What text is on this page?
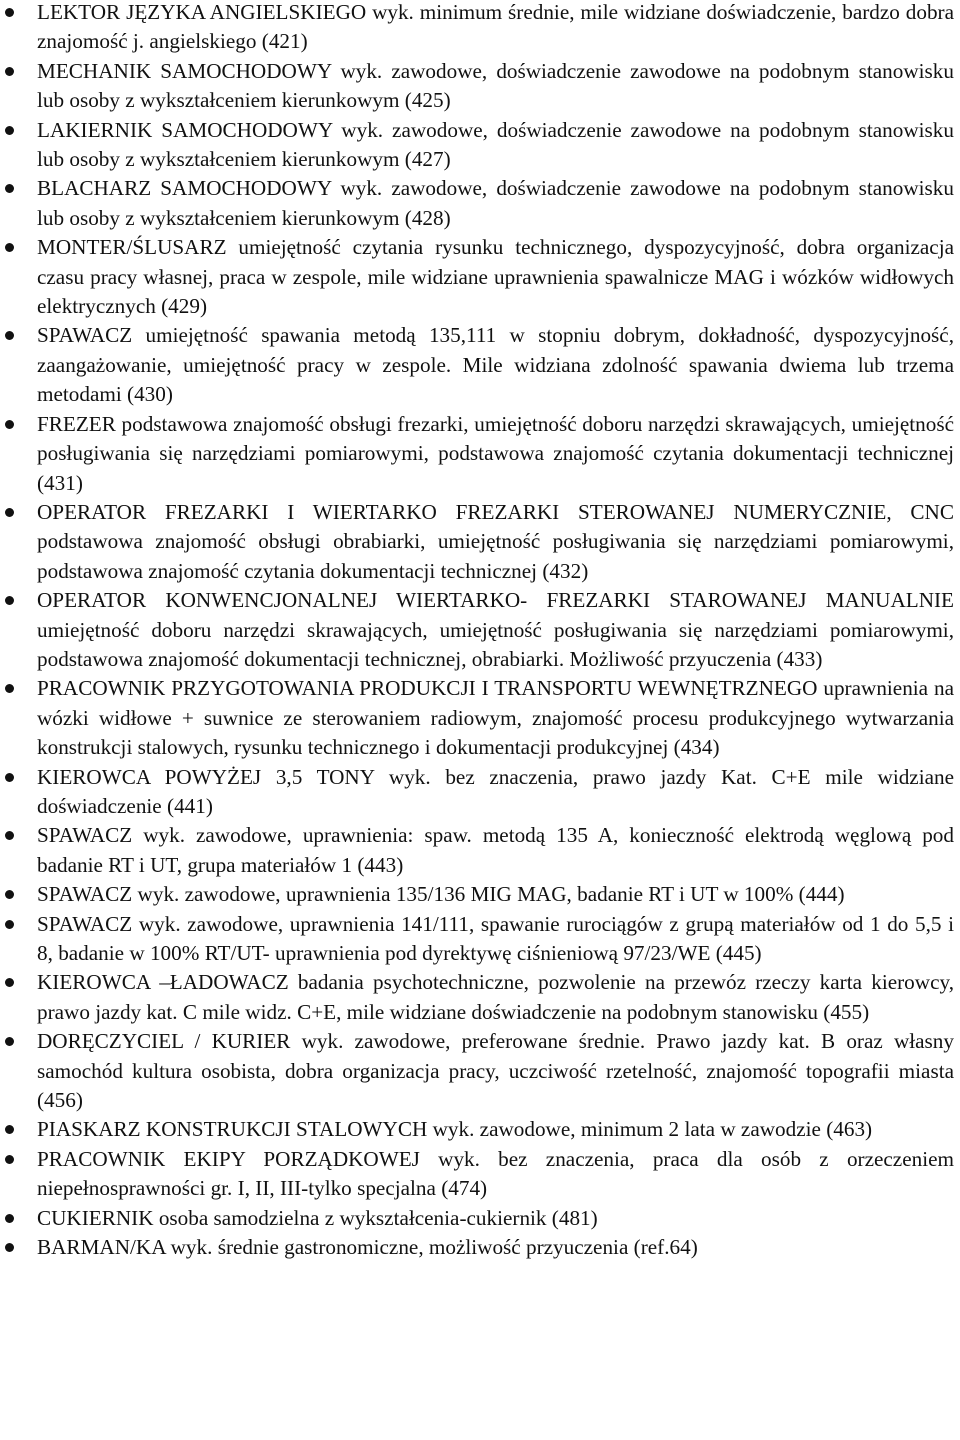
LEKTOR JĘZYKA ANGIELSKIEGO wyk. minimum średnie, mile widziane doświadczenie, bardzo dobra znajomość j. angielskiego (421)
MECHANIK SAMOCHODOWY wyk. zawodowe, doświadczenie zawodowe na podobnym stanowisku lub osoby z wykształceniem kierunkowym (425)
LAKIERNIK SAMOCHODOWY wyk. zawodowe, doświadczenie zawodowe na podobnym stanowisku lub osoby z wykształceniem kierunkowym (427)
BLACHARZ SAMOCHODOWY wyk. zawodowe, doświadczenie zawodowe na podobnym stanowisku lub osoby z wykształceniem kierunkowym (428)
MONTER/ŚLUSARZ umiejętność czytania rysunku technicznego, dyspozycyjność, dobra organizacja czasu pracy własnej, praca w zespole, mile widziane uprawnienia spawalnicze MAG i wózków widłowych elektrycznych (429)
SPAWACZ umiejętność spawania metodą 135,111 w stopniu dobrym, dokładność, dyspozycyjność, zaangażowanie, umiejętność pracy w zespole. Mile widziana zdolność spawania dwiema lub trzema metodami (430)
FREZER podstawowa znajomość obsługi frezarki, umiejętność doboru narzędzi skrawających, umiejętność posługiwania się narzędziami pomiarowymi, podstawowa znajomość czytania dokumentacji technicznej (431)
OPERATOR FREZARKI I WIERTARKO FREZARKI STEROWANEJ NUMERYCZNIE, CNC podstawowa znajomość obsługi obrabiarki, umiejętność posługiwania się narzędziami pomiarowymi, podstawowa znajomość czytania dokumentacji technicznej (432)
OPERATOR KONWENCJONALNEJ WIERTARKO- FREZARKI STAROWANEJ MANUALNIE umiejętność doboru narzędzi skrawających, umiejętność posługiwania się narzędziami pomiarowymi, podstawowa znajomość dokumentacji technicznej, obrabiarki. Możliwość przyuczenia (433)
PRACOWNIK PRZYGOTOWANIA PRODUKCJI I TRANSPORTU WEWNĘTRZNEGO uprawnienia na wózki widłowe + suwnice ze sterowaniem radiowym, znajomość procesu produkcyjnego wytwarzania konstrukcji stalowych, rysunku technicznego i dokumentacji produkcyjnej (434)
KIEROWCA POWYŻEJ 3,5 TONY wyk. bez znaczenia, prawo jazdy Kat. C+E mile widziane doświadczenie (441)
SPAWACZ wyk. zawodowe, uprawnienia: spaw. metodą 135 A, konieczność elektrodą węglową pod badanie RT i UT, grupa materiałów 1 (443)
SPAWACZ wyk. zawodowe, uprawnienia 135/136 MIG MAG, badanie RT i UT w 100% (444)
SPAWACZ wyk. zawodowe, uprawnienia 141/111, spawanie rurociągów z grupą materiałów od 1 do 5,5 i 8, badanie w 100% RT/UT- uprawnienia pod dyrektywę ciśnieniową 97/23/WE (445)
KIEROWCA –ŁADOWACZ badania psychotechniczne, pozwolenie na przewóz rzeczy karta kierowcy, prawo jazdy kat. C mile widz. C+E, mile widziane doświadczenie na podobnym stanowisku (455)
DORĘCZYCIEL / KURIER wyk. zawodowe, preferowane średnie. Prawo jazdy kat. B oraz własny samochód kultura osobista, dobra organizacja pracy, uczciwość rzetelność, znajomość topografii miasta (456)
PIASKARZ KONSTRUKCJI STALOWYCH wyk. zawodowe, minimum 2 lata w zawodzie (463)
PRACOWNIK EKIPY PORZĄDKOWEJ wyk. bez znaczenia, praca dla osób z orzeczeniem niepełnosprawności gr. I, II, III-tylko specjalna (474)
CUKIERNIK osoba samodzielna z wykształcenia-cukiernik (481)
BARMAN/KA wyk. średnie gastronomiczne, możliwość przyuczenia (ref.64)
